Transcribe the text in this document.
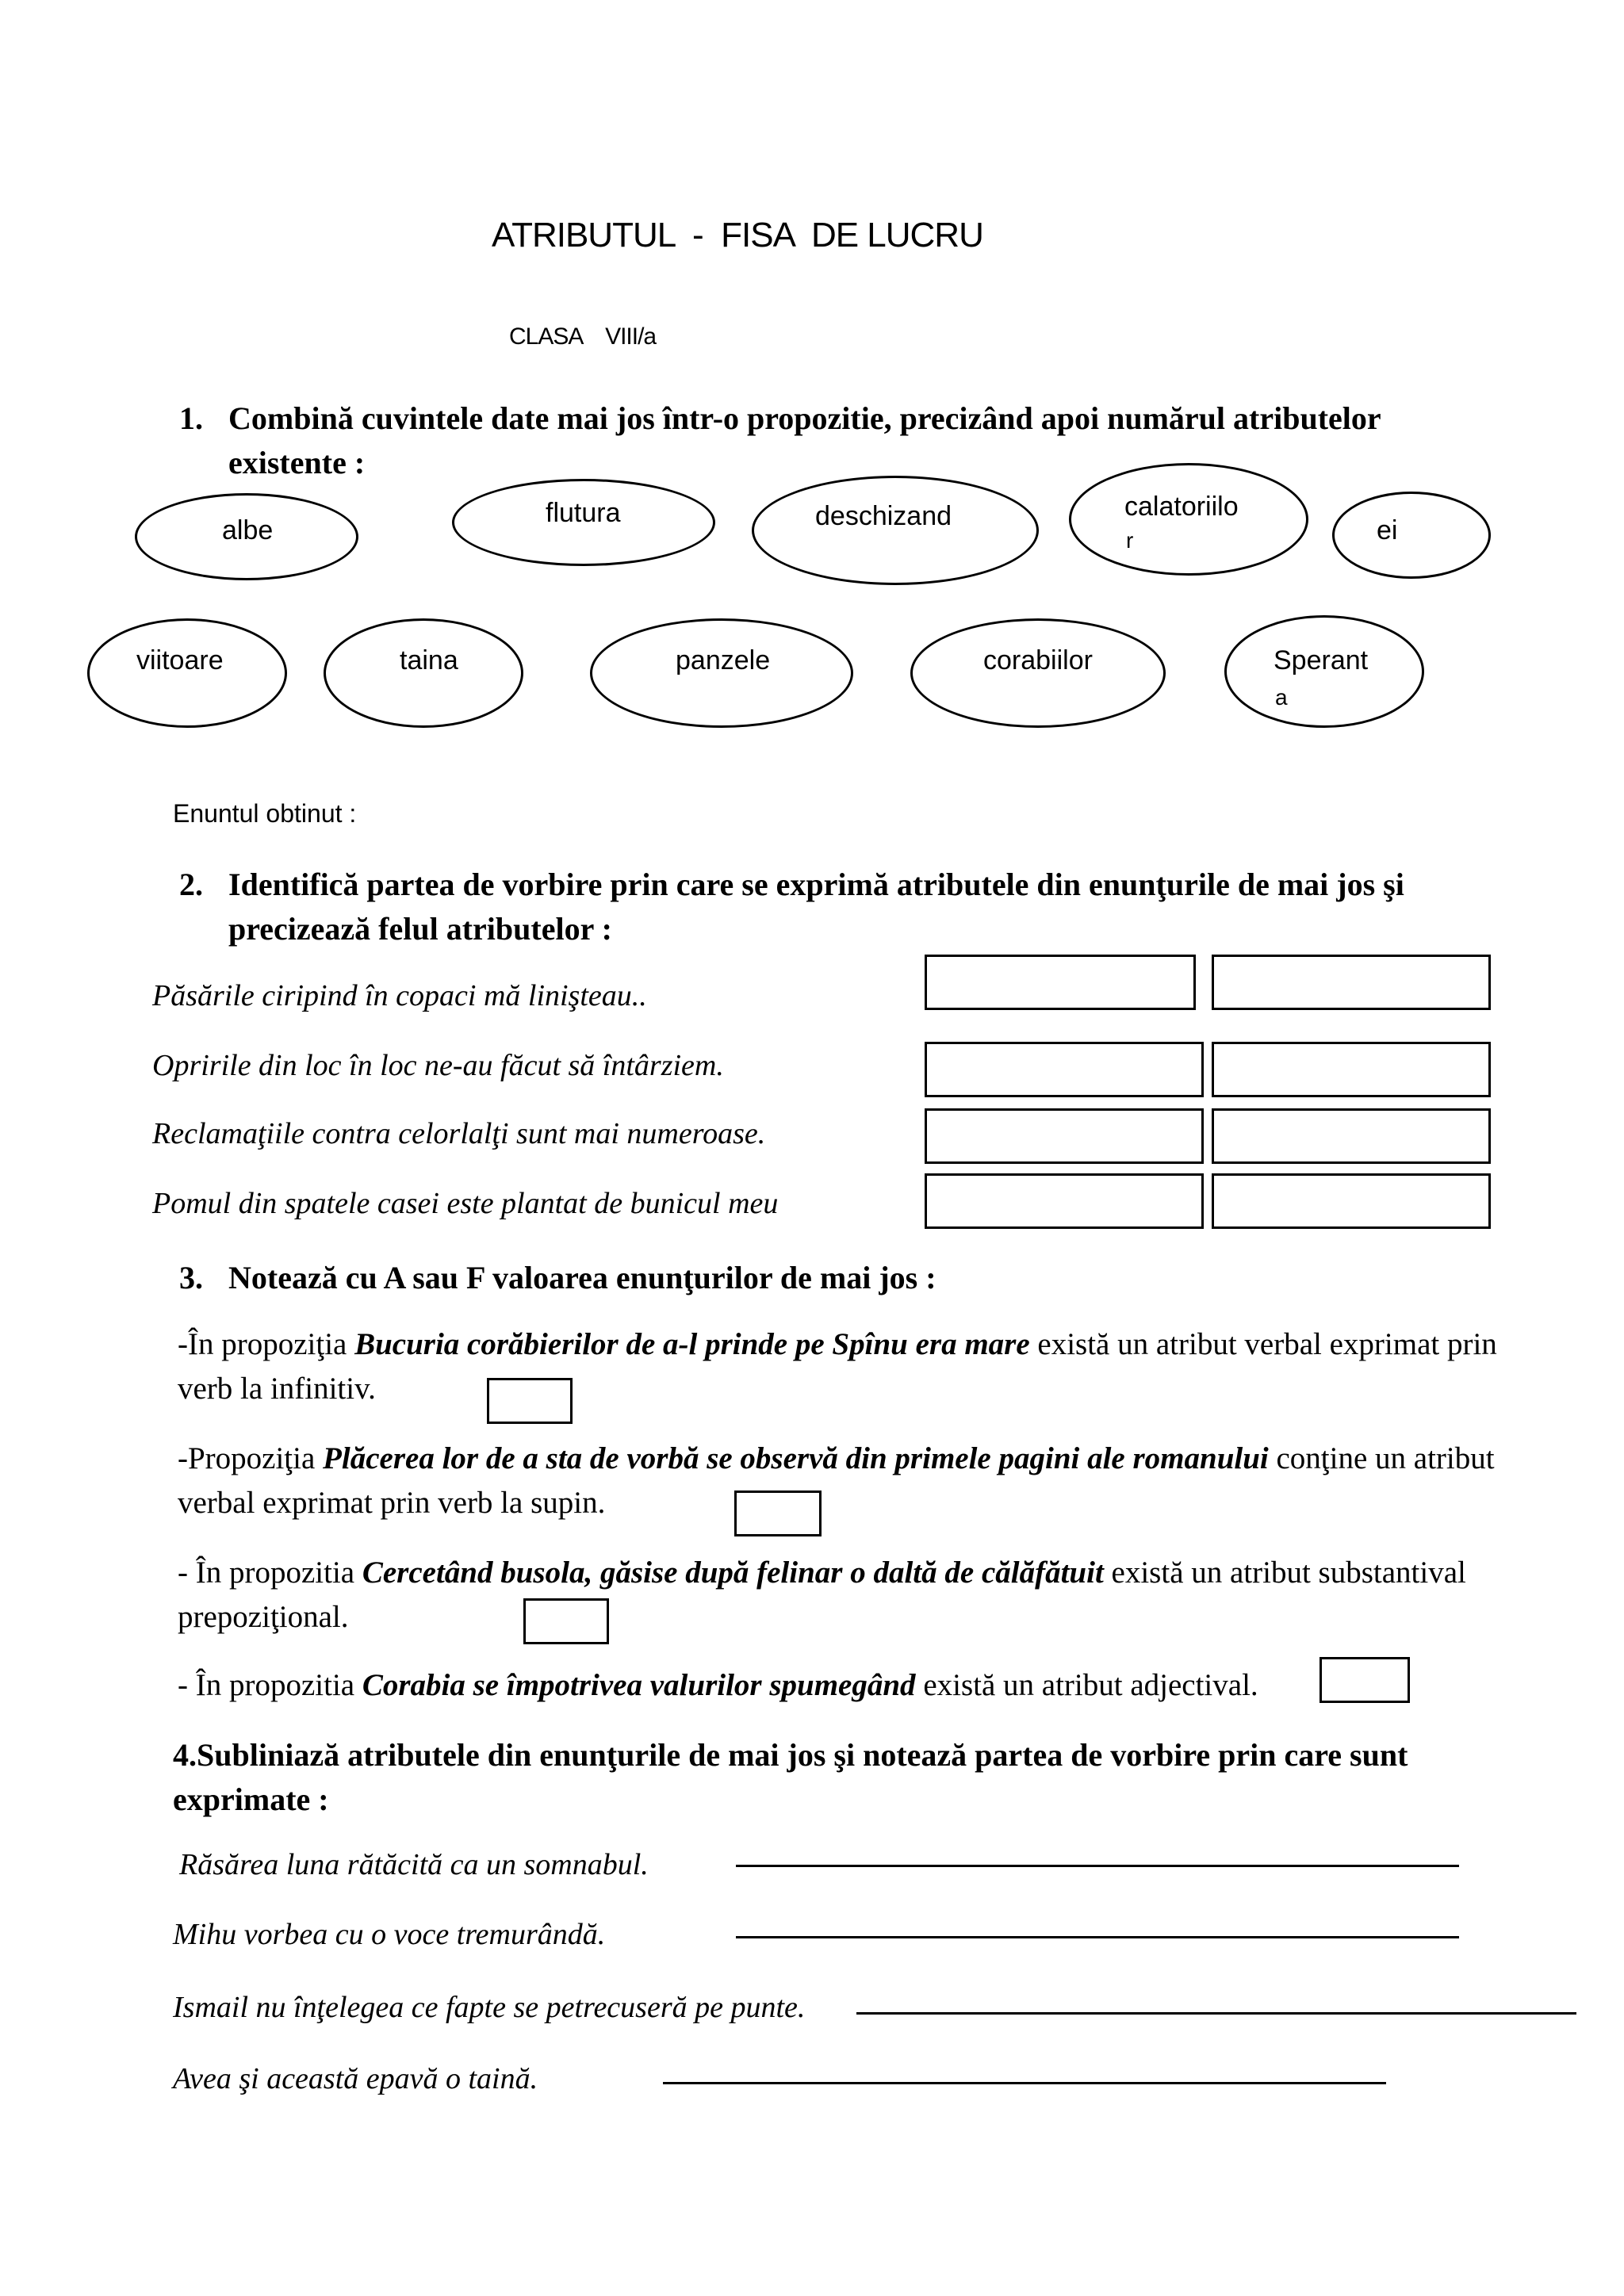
ATRIBUTUL  -  FISA  DE LUCRU
CLASA    VIII/a
1. Combină cuvintele date mai jos într-o propozitie, precizând apoi numărul atributelor existente :
albe
flutura	deschizand	calatoriilo
r	ei
viitoare	taina	panzele	corabiilor	Sperant
a
Enuntul obtinut :
2. Identifică partea de vorbire prin care se exprimă atributele din enunţurile de mai jos şi precizează felul atributelor :
Păsările ciripind în copaci mă linişteau..
Opririle din loc în loc ne-au făcut să întârziem.
Reclamaţiile contra celorlalţi sunt mai numeroase.
Pomul din spatele casei este plantat de bunicul meu
3. Notează cu A sau F valoarea enunţurilor de mai jos :
-În propoziţia Bucuria corăbierilor de a-l prinde pe Spînu era mare există un atribut verbal exprimat prin verb la infinitiv.
-Propoziţia Plăcerea lor de a sta de vorbă se observă din primele pagini ale romanului conţine un atribut verbal exprimat prin verb la supin.
- În propozitia Cercetând busola, găsise după felinar o daltă de călăfătuit există un atribut substantival prepoziţional.
- În propozitia Corabia se împotrivea valurilor spumegând există un atribut adjectival.
4.Subliniază atributele din enunţurile de mai jos şi notează partea de vorbire prin care sunt exprimate :
Răsărea luna rătăcită ca un somnabul.
Mihu vorbea cu o voce tremurândă.
Ismail nu înţelegea ce fapte se petrecuseră pe punte.
Avea şi această epavă o taină.
